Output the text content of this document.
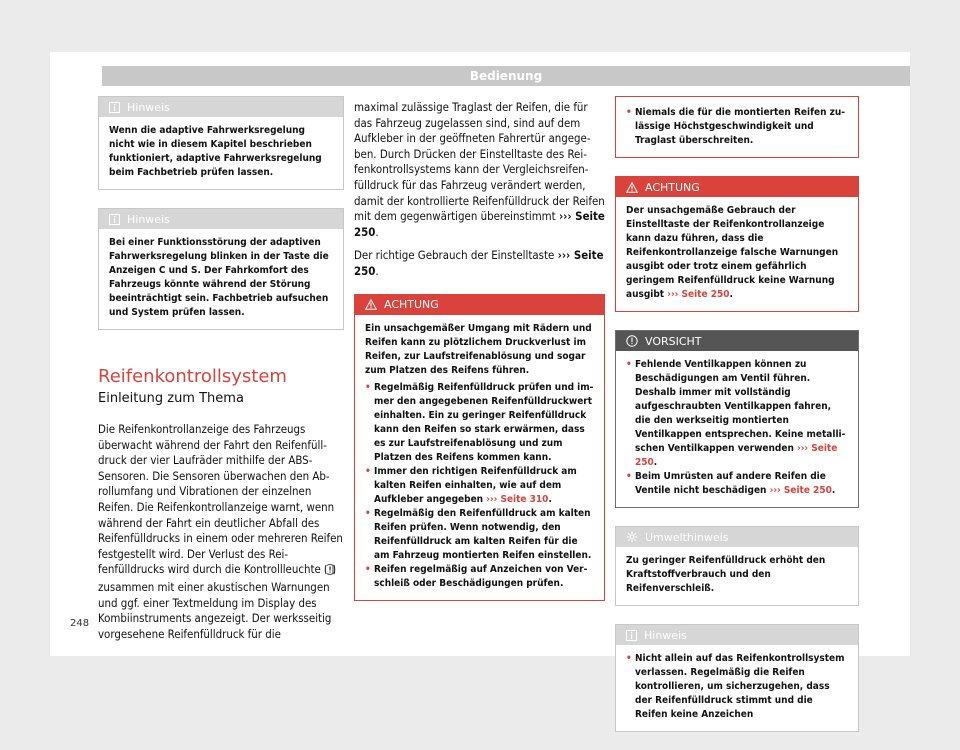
Bedienung
Hinweis

Wenn die adaptive Fahrwerksregelung nicht wie in diesem Kapitel beschrieben funktioniert, adaptive Fahrwerksregelung beim Fachbetrieb prüfen lassen.

Hinweis

Bei einer Funktionsstörung der adaptiven Fahrwerksregelung blinken in der Taste die Anzeigen C und S. Der Fahrkomfort des Fahrzeugs könnte während der Störung beeinträchtigt sein. Fachbetrieb aufsuchen und System prüfen lassen.

Reifenkontrollsystem
Einleitung zum Thema

Die Reifenkontrollanzeige des Fahrzeugs überwacht während der Fahrt den Reifenfülldruck der vier Laufräder mithilfe der ABS-Sensoren. Die Sensoren überwachen den Abrollumfang und Vibrationen der einzelnen Reifen. Die Reifenkontrollanzeige warnt, wenn während der Fahrt ein deutlicher Abfall des Reifenfülldrucks in einem oder mehreren Reifen festgestellt wird. Der Verlust des Reifenfülldrucks wird durch die Kontrollleuchte  zusammen mit einer akustischen Warnungen und ggf. einer Textmeldung im Display des Kombiinstruments angezeigt. Der werksseitig vorgesehene Reifenfülldruck für die

maximal zulässige Traglast der Reifen, die für das Fahrzeug zugelassen sind, sind auf dem Aufkleber in der geöffneten Fahrertür angegeben. Durch Drücken der Einstelltaste des Reifenkontrollsystems kann der Vergleichsreifenfülldruck für das Fahrzeug verändert werden, damit der kontrollierte Reifenfülldruck der Reifen mit dem gegenwärtigen übereinstimmt ››› Seite 250.

Der richtige Gebrauch der Einstelltaste ››› Seite 250.

ACHTUNG

Ein unsachgemäßer Umgang mit Rädern und Reifen kann zu plötzlichem Druckverlust im Reifen, zur Laufstreifenablösung und sogar zum Platzen des Reifens führen.

• Regelmäßig Reifenfülldruck prüfen und immer den angegebenen Reifenfülldruckwert einhalten. Ein zu geringer Reifenfülldruck kann den Reifen so stark erwärmen, dass es zur Laufstreifenablösung und zum Platzen des Reifens kommen kann.

• Immer den richtigen Reifenfülldruck am kalten Reifen einhalten, wie auf dem Aufkleber angegeben ››› Seite 310.

• Regelmäßig den Reifenfülldruck am kalten Reifen prüfen. Wenn notwendig, den Reifenfülldruck am kalten Reifen für die am Fahrzeug montierten Reifen einstellen.

• Reifen regelmäßig auf Anzeichen von Verschleiß oder Beschädigungen prüfen.

• Niemals die für die montierten Reifen zulässige Höchstgeschwindigkeit und Traglast überschreiten.

ACHTUNG

Der unsachgemäße Gebrauch der Einstelltaste der Reifenkontrollanzeige kann dazu führen, dass die Reifenkontrollanzeige falsche Warnungen ausgibt oder trotz einem gefährlich geringem Reifenfülldruck keine Warnung ausgibt ››› Seite 250.

VORSICHT

• Fehlende Ventilkappen können zu Beschädigungen am Ventil führen. Deshalb immer mit vollständig aufgeschraubten Ventilkappen fahren, die den werkseitig montierten Ventilkappen entsprechen. Keine metallischen Ventilkappen verwenden ››› Seite 250.

• Beim Umrüsten auf andere Reifen die Ventile nicht beschädigen ››› Seite 250.

Umwelthinweis

Zu geringer Reifenfülldruck erhöht den Kraftstoffverbrauch und den Reifenverschleiß.

Hinweis

• Nicht allein auf das Reifenkontrollsystem verlassen. Regelmäßig die Reifen kontrollieren, um sicherzugehen, dass der Reifenfülldruck stimmt und die Reifen keine Anzeichen

248
